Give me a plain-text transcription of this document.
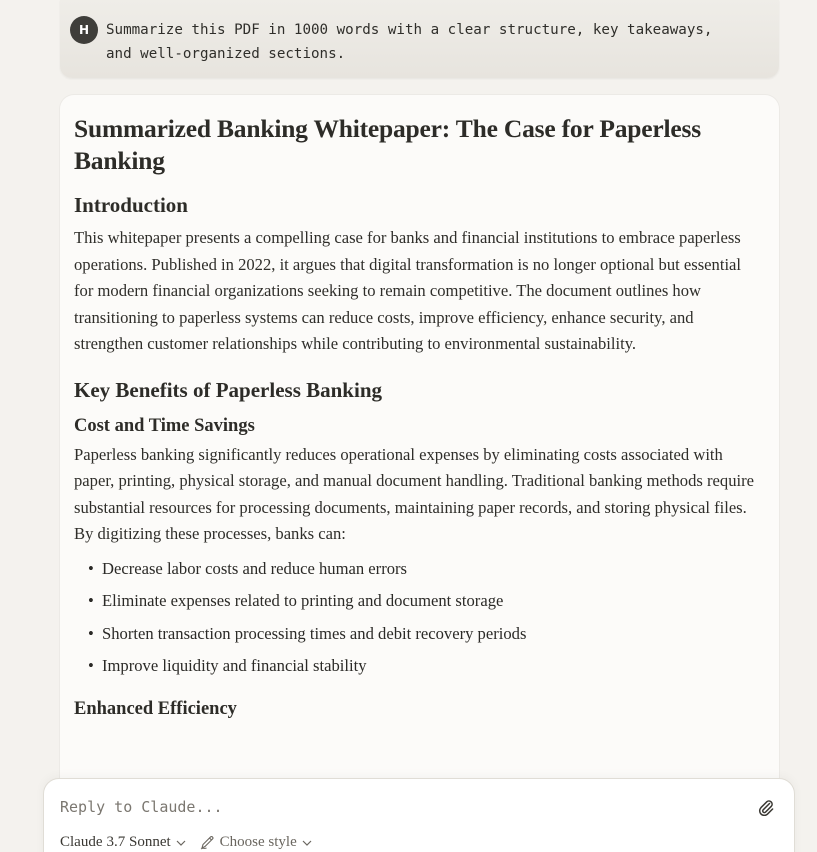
H	Summarize this PDF in 1000 words with a clear structure, key takeaways, and well-organized sections.
Summarized Banking Whitepaper: The Case for Paperless Banking
Introduction
This whitepaper presents a compelling case for banks and financial institutions to embrace paperless operations. Published in 2022, it argues that digital transformation is no longer optional but essential for modern financial organizations seeking to remain competitive. The document outlines how transitioning to paperless systems can reduce costs, improve efficiency, enhance security, and strengthen customer relationships while contributing to environmental sustainability.
Key Benefits of Paperless Banking
Cost and Time Savings
Paperless banking significantly reduces operational expenses by eliminating costs associated with paper, printing, physical storage, and manual document handling. Traditional banking methods require substantial resources for processing documents, maintaining paper records, and storing physical files. By digitizing these processes, banks can:
• Decrease labor costs and reduce human errors
• Eliminate expenses related to printing and document storage
• Shorten transaction processing times and debit recovery periods
• Improve liquidity and financial stability
Enhanced Efficiency
Reply to Claude...
Claude 3.7 Sonnet	Choose style
